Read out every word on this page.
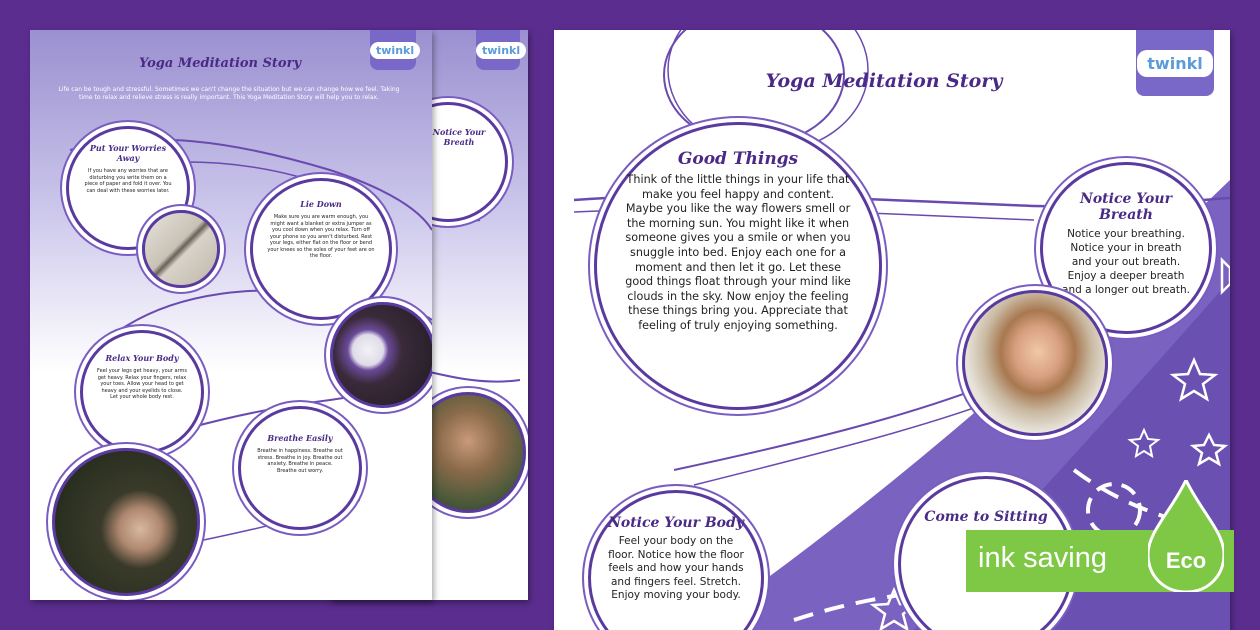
twinkl
Notice Your Breath
twinkl
Yoga Meditation Story
Life can be tough and stressful. Sometimes we can't change the situation but we can change how we feel. Taking time to relax and relieve stress is really important. This Yoga Meditation Story will help you to relax.
Put Your Worries Away

If you have any worries that are disturbing you write them on a piece of paper and fold it over. You can deal with these worries later.

Lie Down

Make sure you are warm enough, you might want a blanket or extra jumper as you cool down when you relax. Turn off your phone so you aren't disturbed. Rest your legs, either flat on the floor or bend your knees so the soles of your feet are on the floor.

Relax Your Body

Feel your legs get heavy, your arms get heavy. Relax your fingers, relax your toes. Allow your head to get heavy and your eyelids to close. Let your whole body rest.

Breathe Easily

Breathe in happiness. Breathe out stress. Breathe in joy. Breathe out anxiety. Breathe in peace. Breathe out worry.

twinkl
Yoga Meditation Story
Good Things

Think of the little things in your life that make you feel happy and content. Maybe you like the way flowers smell or the morning sun. You might like it when someone gives you a smile or when you snuggle into bed. Enjoy each one for a moment and then let it go. Let these good things float through your mind like clouds in the sky. Now enjoy the feeling these things bring you. Appreciate that feeling of truly enjoying something.

Notice Your Breath

Notice your breathing. Notice your in breath and your out breath. Enjoy a deeper breath and a longer out breath.

Notice Your Body

Feel your body on the floor. Notice how the floor feels and how your hands and fingers feel. Stretch. Enjoy moving your body.

Come to Sitting
ink saving	Eco
